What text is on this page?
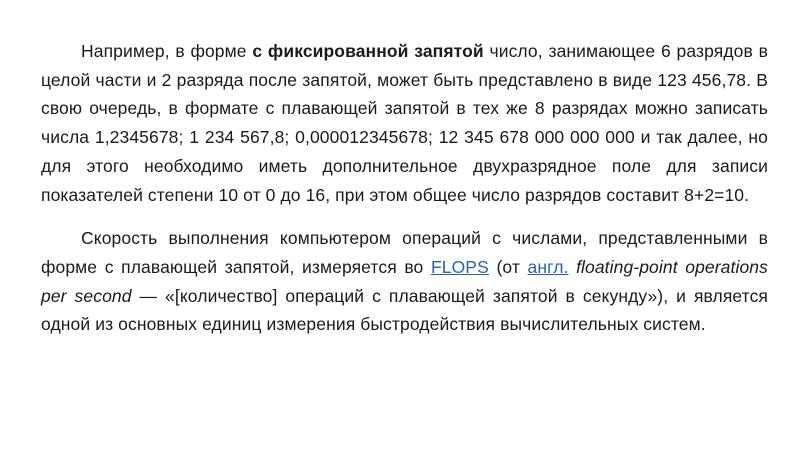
Например, в форме с фиксированной запятой число, занимающее 6 разрядов в целой части и 2 разряда после запятой, может быть представлено в виде 123 456,78. В свою очередь, в формате с плавающей запятой в тех же 8 разрядах можно записать числа 1,2345678; 1 234 567,8; 0,000012345678; 12 345 678 000 000 000 и так далее, но для этого необходимо иметь дополнительное двухразрядное поле для записи показателей степени 10 от 0 до 16, при этом общее число разрядов составит 8+2=10.

Скорость выполнения компьютером операций с числами, представленными в форме с плавающей запятой, измеряется во FLOPS (от англ. floating-point operations per second — «[количество] операций с плавающей запятой в секунду»), и является одной из основных единиц измерения быстродействия вычислительных систем.
